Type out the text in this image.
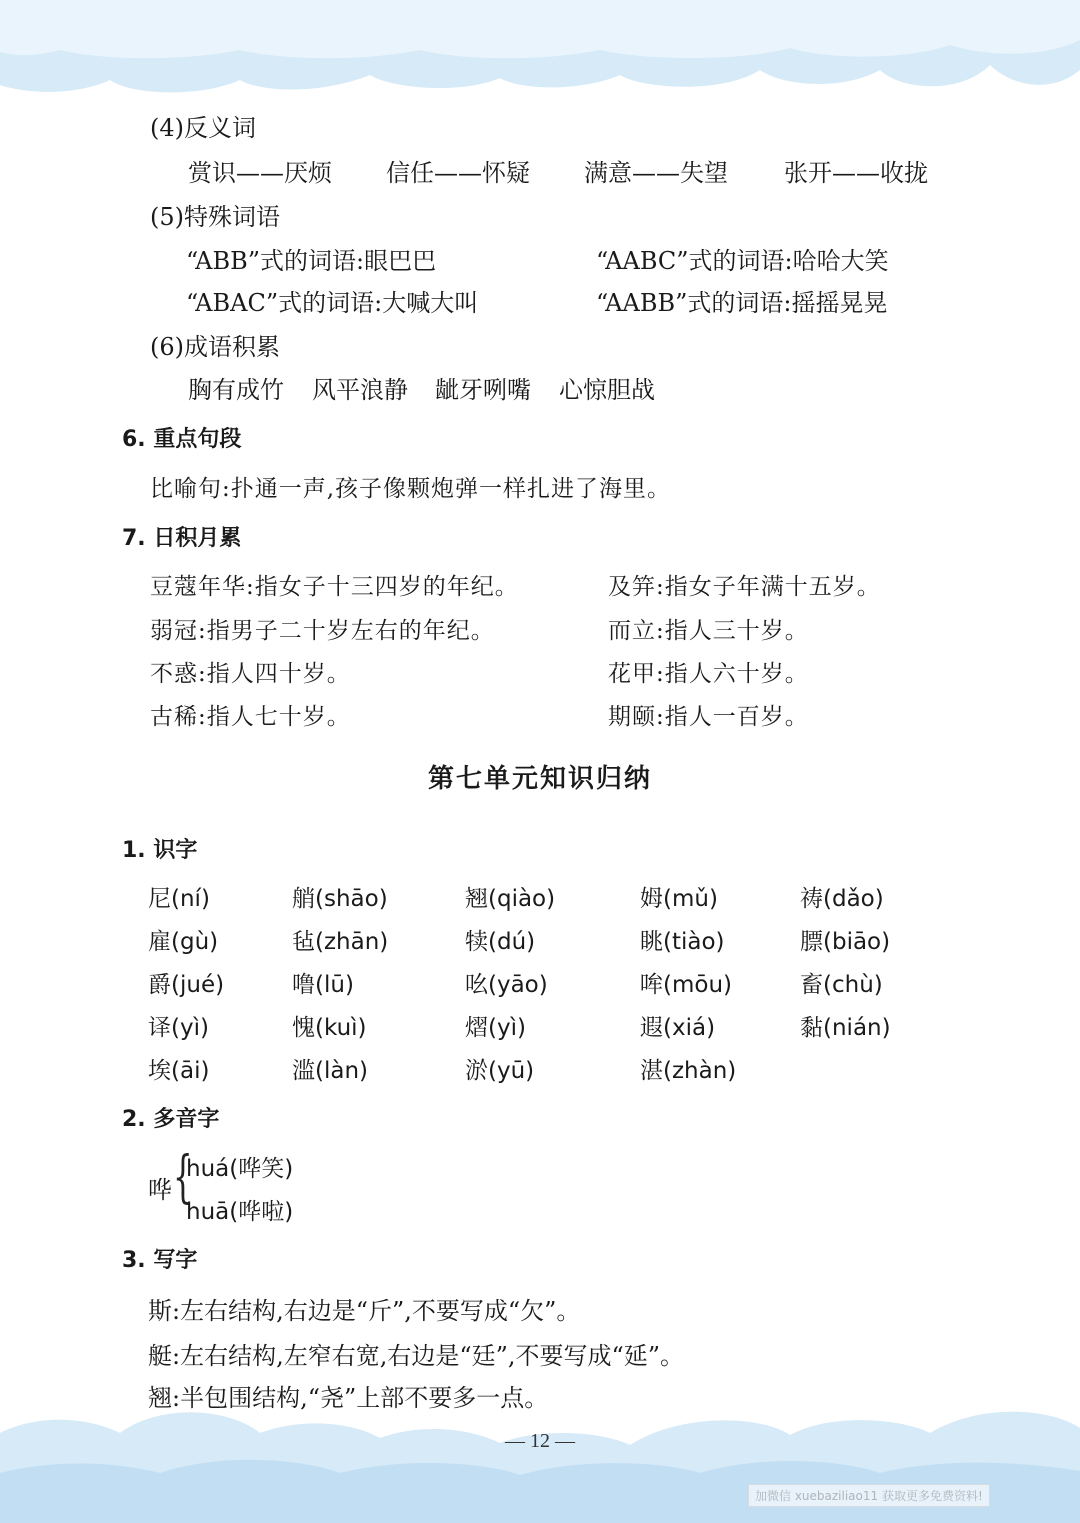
(4)反义词
赏识——厌烦 信任——怀疑 满意——失望 张开——收拢
(5)特殊词语
“ABB”式的词语:眼巴巴	“AABC”式的词语:哈哈大笑
“ABAC”式的词语:大喊大叫	“AABB”式的词语:摇摇晃晃
(6)成语积累
胸有成竹 风平浪静 龇牙咧嘴 心惊胆战
6. 重点句段
比喻句:扑通一声,孩子像颗炮弹一样扎进了海里。
7. 日积月累
豆蔻年华:指女子十三四岁的年纪。	及笄:指女子年满十五岁。
弱冠:指男子二十岁左右的年纪。	而立:指人三十岁。
不惑:指人四十岁。	花甲:指人六十岁。
古稀:指人七十岁。	期颐:指人一百岁。
第七单元知识归纳
1. 识字
尼(ní)	艄(shāo)	翘(qiào)	姆(mǔ)	祷(dǎo)
雇(gù)	毡(zhān)	犊(dú)	眺(tiào)	膘(biāo)
爵(jué)	噜(lū)	吆(yāo)	哞(mōu)	畜(chù)
译(yì)	愧(kuì)	熠(yì)	遐(xiá)	黏(nián)
埃(āi)	滥(làn)	淤(yū)	湛(zhàn)
2. 多音字
哗 {
huá(哗笑)
huā(哗啦)
3. 写字
斯:左右结构,右边是“斤”,不要写成“欠”。
艇:左右结构,左窄右宽,右边是“廷”,不要写成“延”。
翘:半包围结构,“尧”上部不要多一点。
— 12 —
加微信 xuebaziliao11 获取更多免费资料!
